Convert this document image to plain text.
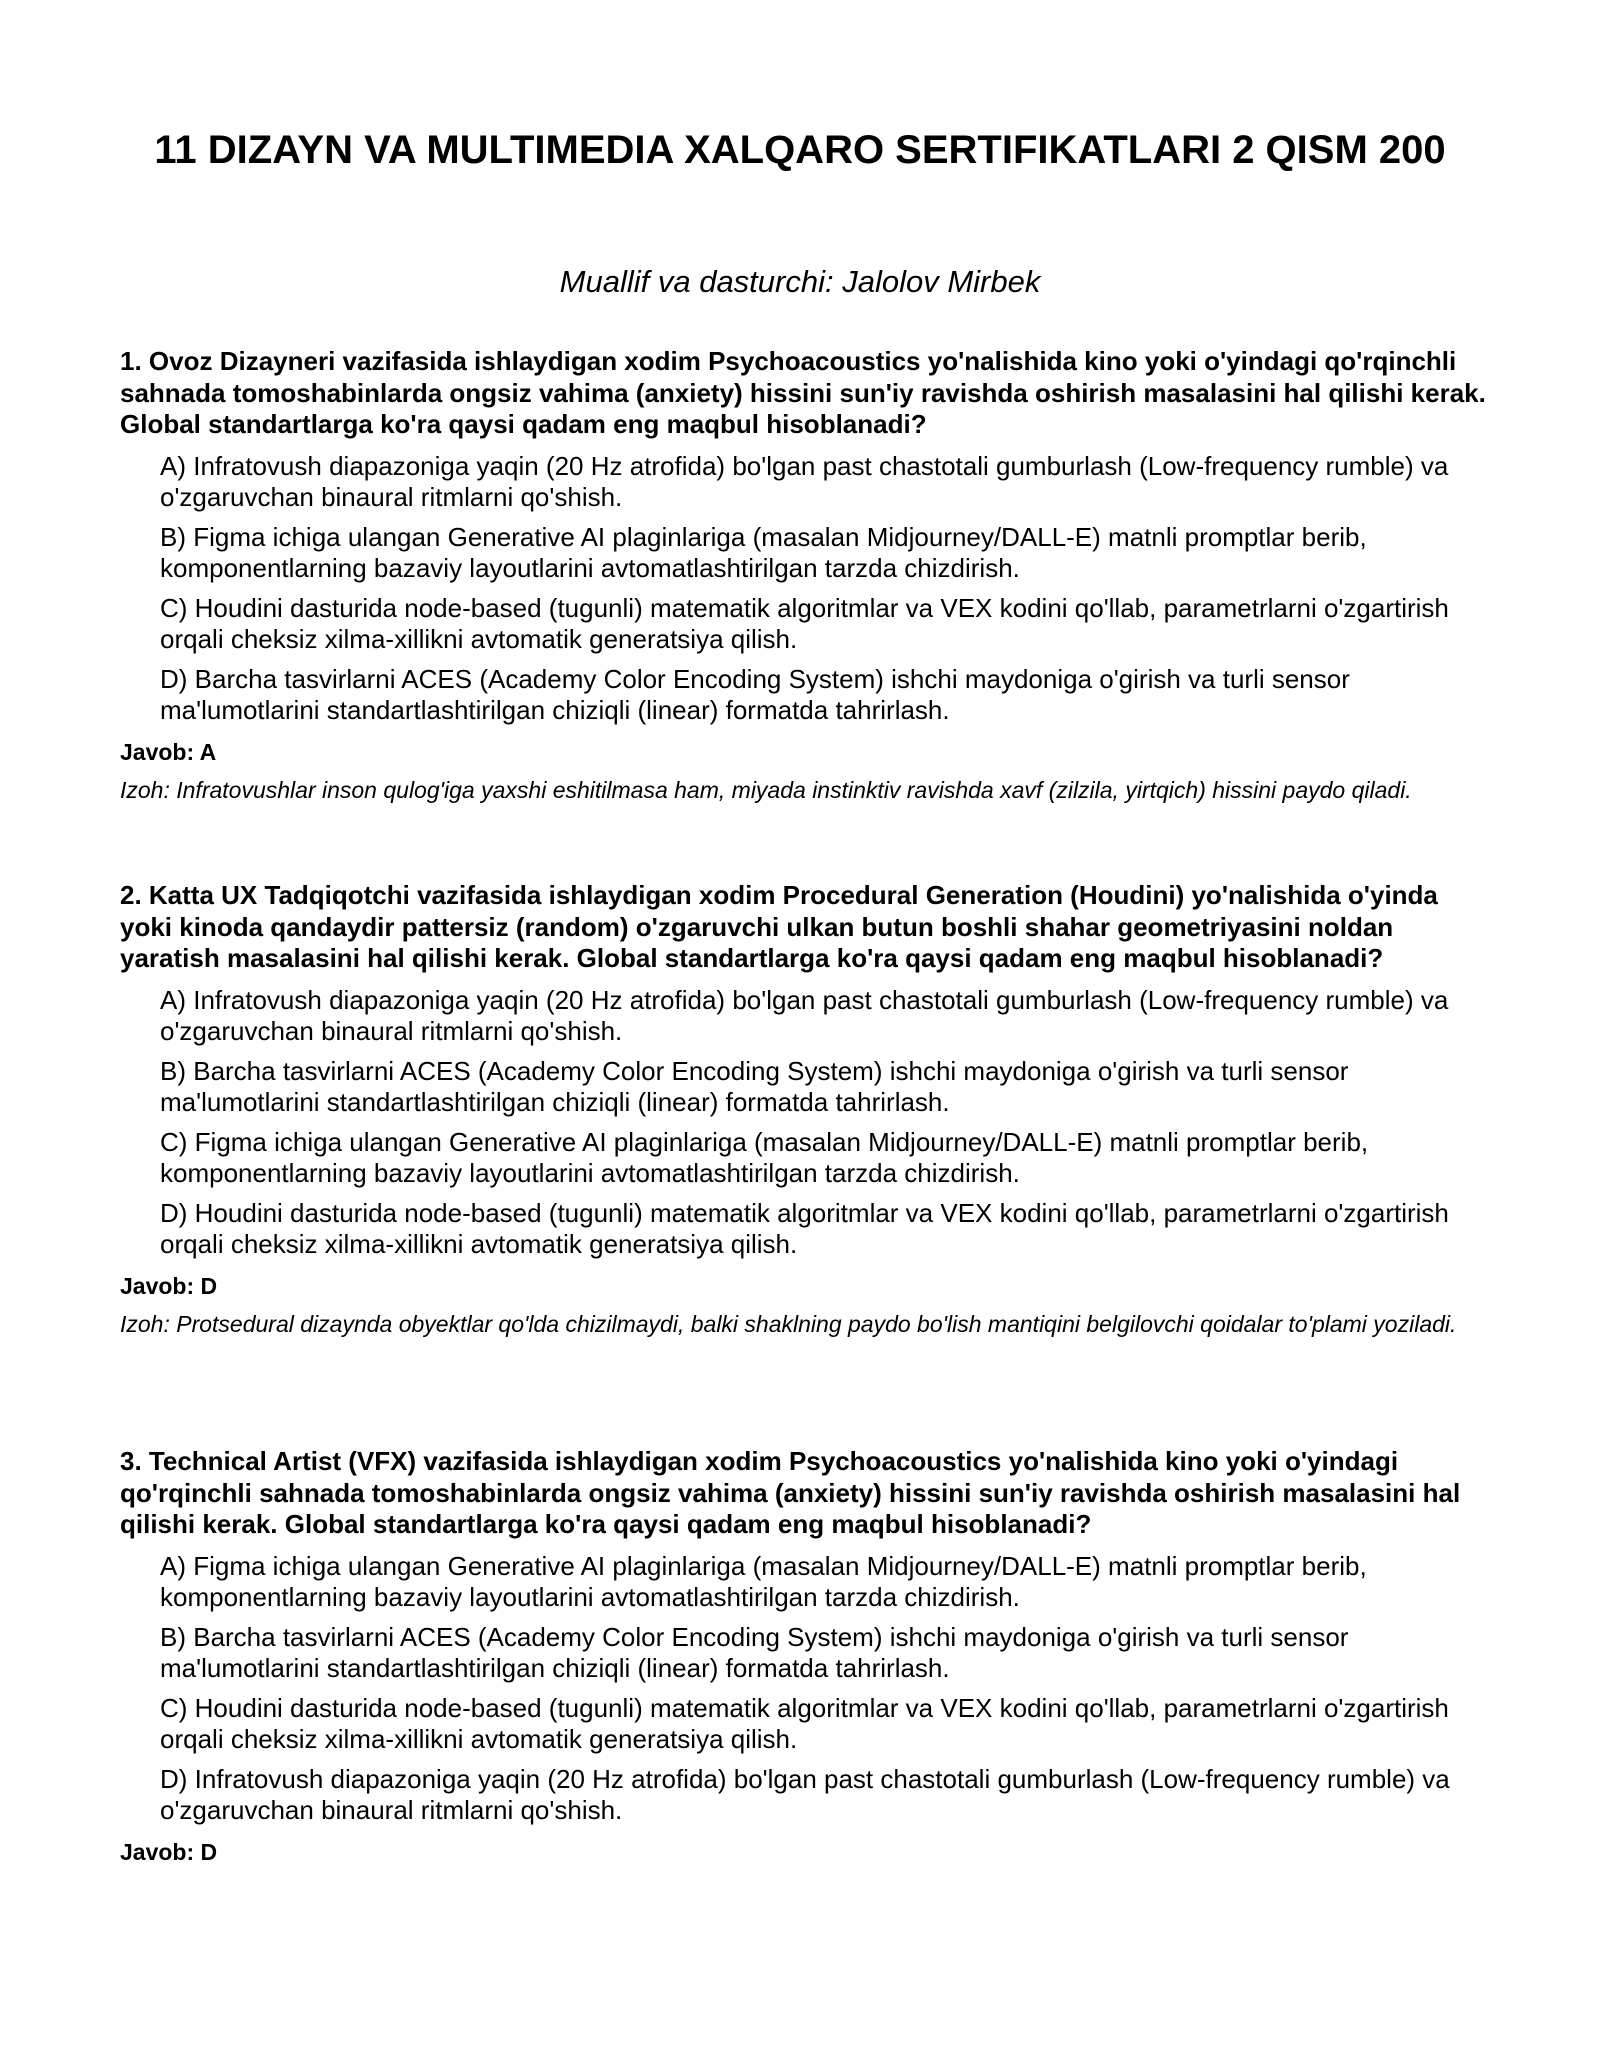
11 DIZAYN VA MULTIMEDIA XALQARO SERTIFIKATLARI 2 QISM 200

Muallif va dasturchi: Jalolov Mirbek

1. Ovoz Dizayneri vazifasida ishlaydigan xodim Psychoacoustics yo'nalishida kino yoki o'yindagi qo'rqinchli sahnada tomoshabinlarda ongsiz vahima (anxiety) hissini sun'iy ravishda oshirish masalasini hal qilishi kerak. Global standartlarga ko'ra qaysi qadam eng maqbul hisoblanadi?

A) Infratovush diapazoniga yaqin (20 Hz atrofida) bo'lgan past chastotali gumburlash (Low-frequency rumble) va o'zgaruvchan binaural ritmlarni qo'shish.
B) Figma ichiga ulangan Generative AI plaginlariga (masalan Midjourney/DALL-E) matnli promptlar berib, komponentlarning bazaviy layoutlarini avtomatlashtirilgan tarzda chizdirish.
C) Houdini dasturida node-based (tugunli) matematik algoritmlar va VEX kodini qo'llab, parametrlarni o'zgartirish orqali cheksiz xilma-xillikni avtomatik generatsiya qilish.
D) Barcha tasvirlarni ACES (Academy Color Encoding System) ishchi maydoniga o'girish va turli sensor ma'lumotlarini standartlashtirilgan chiziqli (linear) formatda tahrirlash.

Javob: A

Izoh: Infratovushlar inson qulog'iga yaxshi eshitilmasa ham, miyada instinktiv ravishda xavf (zilzila, yirtqich) hissini paydo qiladi.

2. Katta UX Tadqiqotchi vazifasida ishlaydigan xodim Procedural Generation (Houdini) yo'nalishida o'yinda yoki kinoda qandaydir pattersiz (random) o'zgaruvchi ulkan butun boshli shahar geometriyasini noldan yaratish masalasini hal qilishi kerak. Global standartlarga ko'ra qaysi qadam eng maqbul hisoblanadi?

A) Infratovush diapazoniga yaqin (20 Hz atrofida) bo'lgan past chastotali gumburlash (Low-frequency rumble) va o'zgaruvchan binaural ritmlarni qo'shish.
B) Barcha tasvirlarni ACES (Academy Color Encoding System) ishchi maydoniga o'girish va turli sensor ma'lumotlarini standartlashtirilgan chiziqli (linear) formatda tahrirlash.
C) Figma ichiga ulangan Generative AI plaginlariga (masalan Midjourney/DALL-E) matnli promptlar berib, komponentlarning bazaviy layoutlarini avtomatlashtirilgan tarzda chizdirish.
D) Houdini dasturida node-based (tugunli) matematik algoritmlar va VEX kodini qo'llab, parametrlarni o'zgartirish orqali cheksiz xilma-xillikni avtomatik generatsiya qilish.

Javob: D

Izoh: Protsedural dizaynda obyektlar qo'lda chizilmaydi, balki shaklning paydo bo'lish mantiqini belgilovchi qoidalar to'plami yoziladi.

3. Technical Artist (VFX) vazifasida ishlaydigan xodim Psychoacoustics yo'nalishida kino yoki o'yindagi qo'rqinchli sahnada tomoshabinlarda ongsiz vahima (anxiety) hissini sun'iy ravishda oshirish masalasini hal qilishi kerak. Global standartlarga ko'ra qaysi qadam eng maqbul hisoblanadi?

A) Figma ichiga ulangan Generative AI plaginlariga (masalan Midjourney/DALL-E) matnli promptlar berib, komponentlarning bazaviy layoutlarini avtomatlashtirilgan tarzda chizdirish.
B) Barcha tasvirlarni ACES (Academy Color Encoding System) ishchi maydoniga o'girish va turli sensor ma'lumotlarini standartlashtirilgan chiziqli (linear) formatda tahrirlash.
C) Houdini dasturida node-based (tugunli) matematik algoritmlar va VEX kodini qo'llab, parametrlarni o'zgartirish orqali cheksiz xilma-xillikni avtomatik generatsiya qilish.
D) Infratovush diapazoniga yaqin (20 Hz atrofida) bo'lgan past chastotali gumburlash (Low-frequency rumble) va o'zgaruvchan binaural ritmlarni qo'shish.

Javob: D
